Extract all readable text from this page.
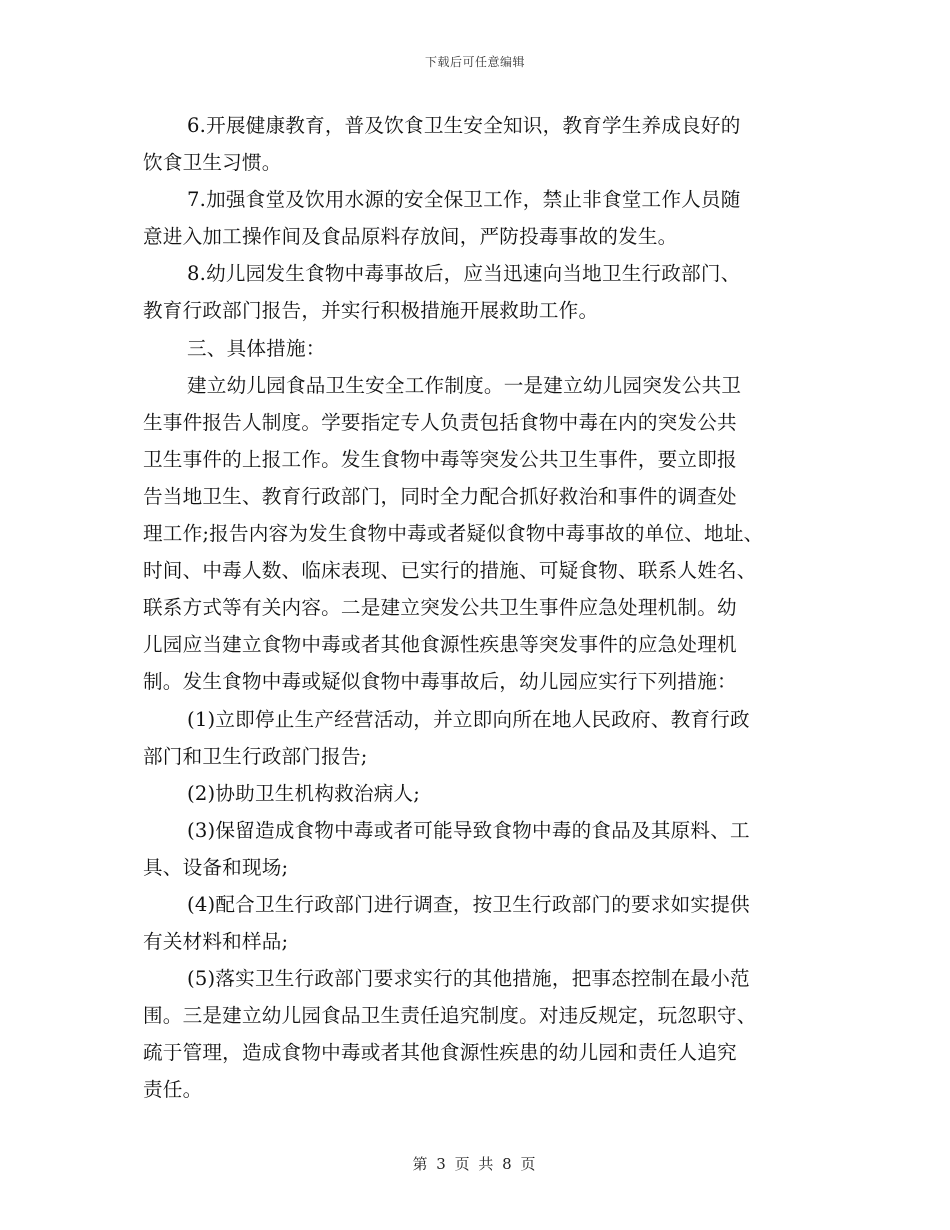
下载后可任意编辑
6.开展健康教育，普及饮食卫生安全知识，教育学生养成良好的
饮食卫生习惯。
7.加强食堂及饮用水源的安全保卫工作，禁止非食堂工作人员随
意进入加工操作间及食品原料存放间，严防投毒事故的发生。
8.幼儿园发生食物中毒事故后，应当迅速向当地卫生行政部门、
教育行政部门报告，并实行积极措施开展救助工作。
三、具体措施：
建立幼儿园食品卫生安全工作制度。一是建立幼儿园突发公共卫
生事件报告人制度。学要指定专人负责包括食物中毒在内的突发公共
卫生事件的上报工作。发生食物中毒等突发公共卫生事件，要立即报
告当地卫生、教育行政部门，同时全力配合抓好救治和事件的调查处
理工作;报告内容为发生食物中毒或者疑似食物中毒事故的单位、地址、
时间、中毒人数、临床表现、已实行的措施、可疑食物、联系人姓名、
联系方式等有关内容。二是建立突发公共卫生事件应急处理机制。幼
儿园应当建立食物中毒或者其他食源性疾患等突发事件的应急处理机
制。发生食物中毒或疑似食物中毒事故后，幼儿园应实行下列措施：
(1)立即停止生产经营活动，并立即向所在地人民政府、教育行政
部门和卫生行政部门报告;
(2)协助卫生机构救治病人;
(3)保留造成食物中毒或者可能导致食物中毒的食品及其原料、工
具、设备和现场;
(4)配合卫生行政部门进行调查，按卫生行政部门的要求如实提供
有关材料和样品;
(5)落实卫生行政部门要求实行的其他措施，把事态控制在最小范
围。三是建立幼儿园食品卫生责任追究制度。对违反规定，玩忽职守、
疏于管理，造成食物中毒或者其他食源性疾患的幼儿园和责任人追究
责任。
第 3 页 共 8 页
